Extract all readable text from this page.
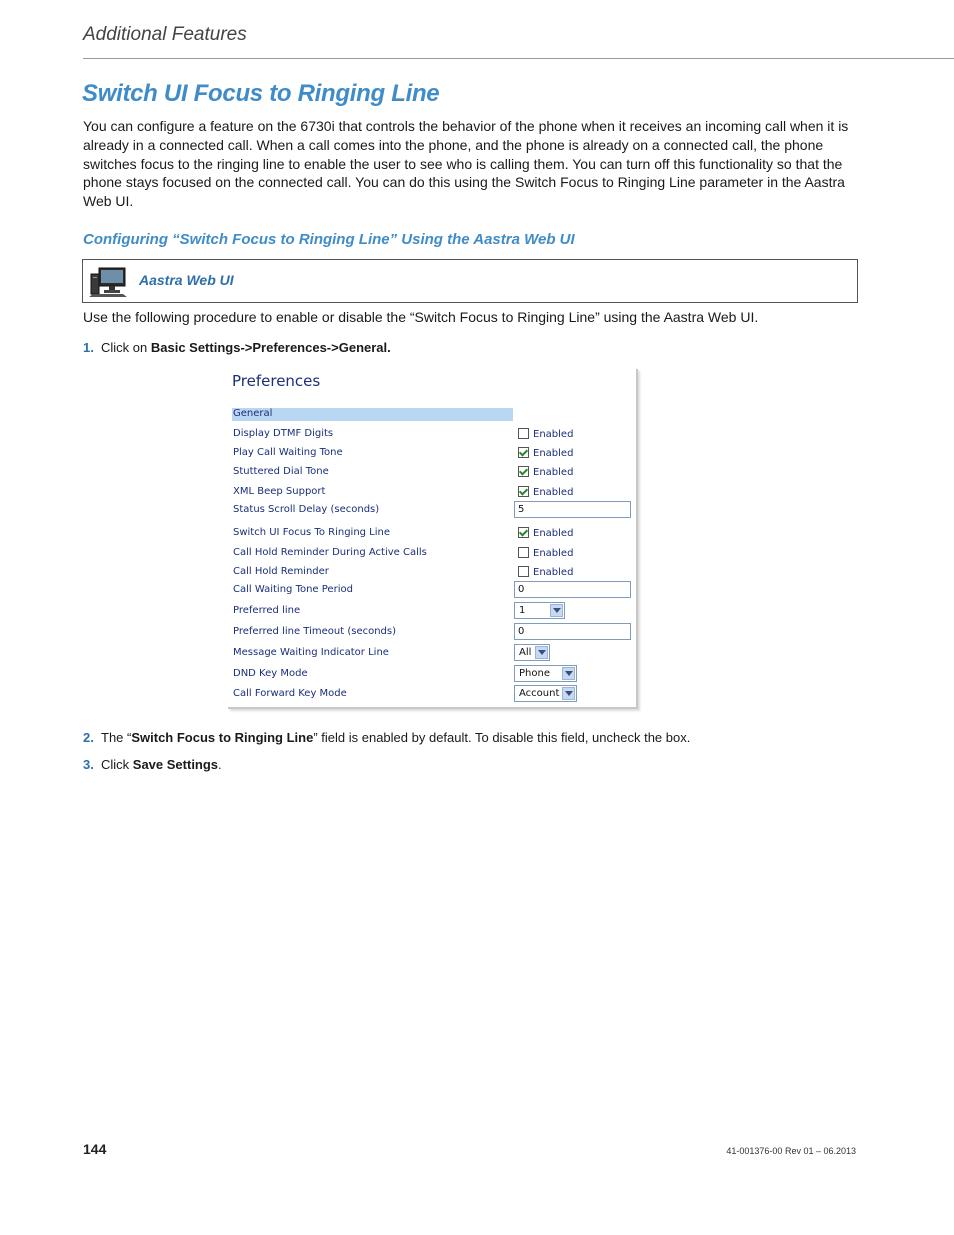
Additional Features
Switch UI Focus to Ringing Line
You can configure a feature on the 6730i that controls the behavior of the phone when it receives an incoming call when it is already in a connected call. When a call comes into the phone, and the phone is already on a connected call, the phone switches focus to the ringing line to enable the user to see who is calling them. You can turn off this functionality so that the phone stays focused on the connected call. You can do this using the Switch Focus to Ringing Line parameter in the Aastra Web UI.
Configuring “Switch Focus to Ringing Line” Using the Aastra Web UI
Aastra Web UI
Use the following procedure to enable or disable the “Switch Focus to Ringing Line” using the Aastra Web UI.
1. Click on Basic Settings->Preferences->General.
Preferences
General
Display DTMF Digits	Enabled
Play Call Waiting Tone	Enabled
Stuttered Dial Tone	Enabled
XML Beep Support	Enabled
Status Scroll Delay (seconds)	5
Switch UI Focus To Ringing Line	Enabled
Call Hold Reminder During Active Calls	Enabled
Call Hold Reminder	Enabled
Call Waiting Tone Period	0
Preferred line	1
Preferred line Timeout (seconds)	0
Message Waiting Indicator Line	All
DND Key Mode	Phone
Call Forward Key Mode	Account
2. The “Switch Focus to Ringing Line” field is enabled by default. To disable this field, uncheck the box.
3. Click Save Settings.
144	41-001376-00 Rev 01 – 06.2013
